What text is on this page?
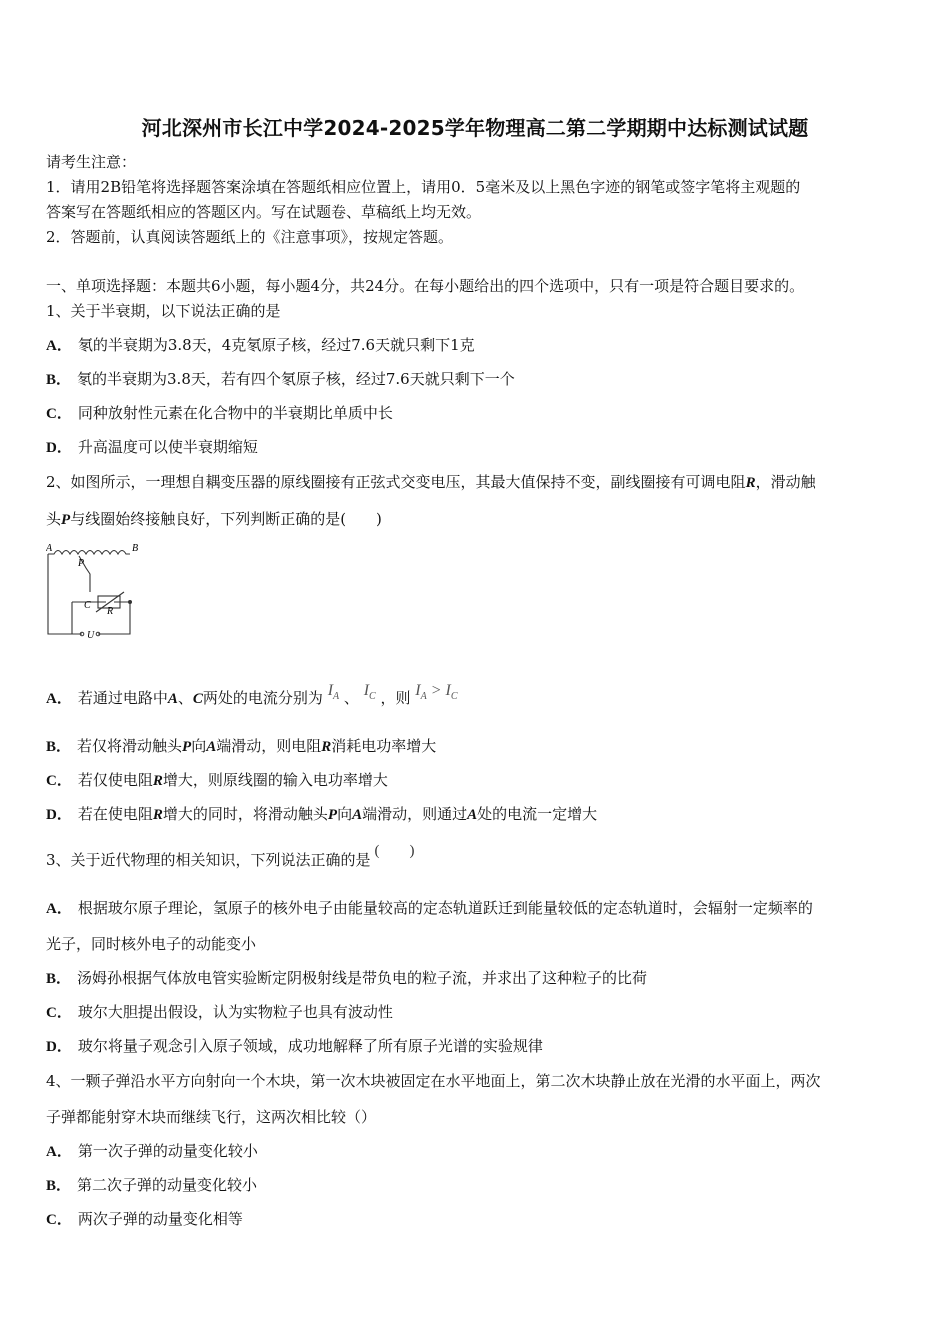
河北深州市长江中学2024-2025学年物理高二第二学期期中达标测试试题
请考生注意：
1．请用2B铅笔将选择题答案涂填在答题纸相应位置上，请用0．5毫米及以上黑色字迹的钢笔或签字笔将主观题的
答案写在答题纸相应的答题区内。写在试题卷、草稿纸上均无效。
2．答题前，认真阅读答题纸上的《注意事项》，按规定答题。
一、单项选择题：本题共6小题，每小题4分，共24分。在每小题给出的四个选项中，只有一项是符合题目要求的。
1、关于半衰期，以下说法正确的是
A． 氡的半衰期为3.8天，4克氡原子核，经过7.6天就只剩下1克
B． 氡的半衰期为3.8天，若有四个氡原子核，经过7.6天就只剩下一个
C． 同种放射性元素在化合物中的半衰期比单质中长
D． 升高温度可以使半衰期缩短
2、如图所示，一理想自耦变压器的原线圈接有正弦式交变电压，其最大值保持不变，副线圈接有可调电阻R，滑动触
头P与线圈始终接触良好，下列判断正确的是(　　)
A	B
P
C
R
U
A． 若通过电路中A、C两处的电流分别为 $I_A$ 、 $I_C$ ，则 $I_A > I_C$
B． 若仅将滑动触头P向A端滑动，则电阻R消耗电功率增大
C． 若仅使电阻R增大，则原线圈的输入电功率增大
D． 若在使电阻R增大的同时，将滑动触头P向A端滑动，则通过A处的电流一定增大
3、关于近代物理的相关知识，下列说法正确的是 (　　)
A． 根据玻尔原子理论，氢原子的核外电子由能量较高的定态轨道跃迁到能量较低的定态轨道时，会辐射一定频率的
光子，同时核外电子的动能变小
B． 汤姆孙根据气体放电管实验断定阴极射线是带负电的粒子流，并求出了这种粒子的比荷
C． 玻尔大胆提出假设，认为实物粒子也具有波动性
D． 玻尔将量子观念引入原子领域，成功地解释了所有原子光谱的实验规律
4、一颗子弹沿水平方向射向一个木块，第一次木块被固定在水平地面上，第二次木块静止放在光滑的水平面上，两次
子弹都能射穿木块而继续飞行，这两次相比较（）
A． 第一次子弹的动量变化较小
B． 第二次子弹的动量变化较小
C． 两次子弹的动量变化相等
